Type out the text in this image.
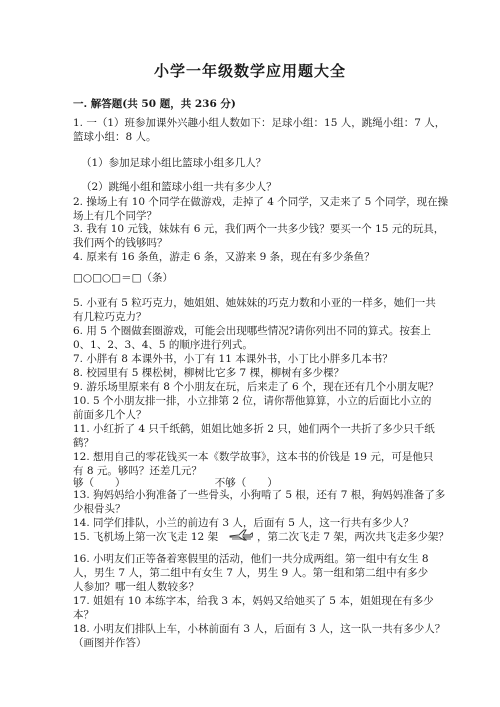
小学一年级数学应用题大全
一. 解答题(共 50 题，共 236 分)
1. 一（1）班参加课外兴趣小组人数如下：足球小组：15 人，跳绳小组：7 人，
篮球小组：8 人。
（1）参加足球小组比篮球小组多几人？
（2）跳绳小组和篮球小组一共有多少人？
2. 操场上有 10 个同学在做游戏，走掉了 4 个同学，又走来了 5 个同学，现在操
场上有几个同学？
3. 我有 10 元钱，妹妹有 6 元，我们两个一共多少钱？要买一个 15 元的玩具，
我们两个的钱够吗？
4. 原来有 16 条鱼，游走 6 条，又游来 9 条，现在有多少条鱼？
□○□○□＝□（条）
5. 小亚有 5 粒巧克力，她姐姐、她妹妹的巧克力数和小亚的一样多，她们一共
有几粒巧克力？
6. 用 5 个圈做套圈游戏，可能会出现哪些情况?请你列出不同的算式。按套上
0、1、2、3、4、5 的顺序进行列式。
7. 小胖有 8 本课外书，小丁有 11 本课外书，小丁比小胖多几本书？
8. 校园里有 5 棵松树，柳树比它多 7 棵，柳树有多少棵？
9. 游乐场里原来有 8 个小朋友在玩，后来走了 6 个，现在还有几个小朋友呢？
10. 5 个小朋友排一排，小立排第 2 位，请你帮他算算，小立的后面比小立的
前面多几个人？
11. 小红折了 4 只千纸鹤，姐姐比她多折 2 只，她们两个一共折了多少只千纸
鹤？
12. 想用自己的零花钱买一本《数学故事》，这本书的价钱是 19 元，可是他只
有 8 元。够吗？还差几元？
够（　　）　　　　　　　　　不够（　　）
13. 狗妈妈给小狗准备了一些骨头，小狗啃了 5 根，还有 7 根，狗妈妈准备了多
少根骨头？
14. 同学们排队，小兰的前边有 3 人，后面有 5 人，这一行共有多少人？
15. 飞机场上第一次飞走 12 架	，第二次飞走 7 架，两次共飞走多少架？
16. 小明友们正等备着寒假里的活动，他们一共分成两组。第一组中有女生 8
人，男生 7 人，第二组中有女生 7 人，男生 9 人。第一组和第二组中有多少
人参加？哪一组人数较多？
17. 姐姐有 10 本练字本，给我 3 本，妈妈又给她买了 5 本，姐姐现在有多少
本？
18. 小明友们排队上车，小林前面有 3 人，后面有 3 人，这一队一共有多少人？
（画图并作答）
